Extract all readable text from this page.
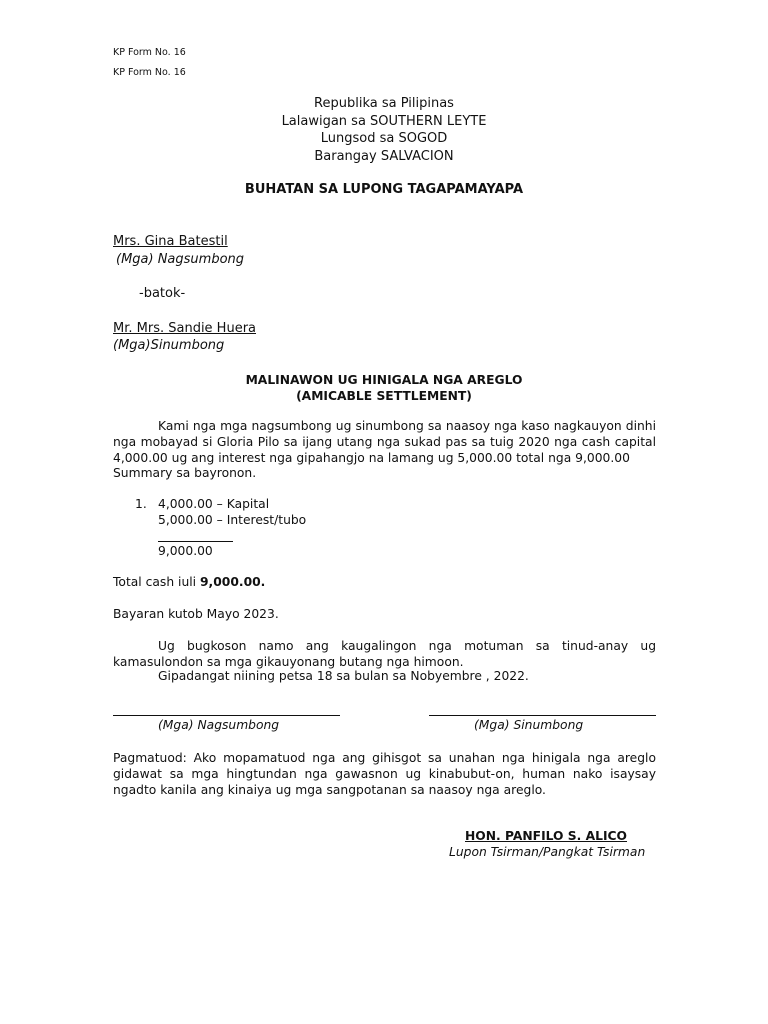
KP Form No. 16
KP Form No. 16
Republika sa Pilipinas
Lalawigan sa SOUTHERN LEYTE
Lungsod sa SOGOD
Barangay SALVACION
BUHATAN SA LUPONG TAGAPAMAYAPA
Mrs. Gina Batestil
(Mga) Nagsumbong
-batok-
Mr. Mrs. Sandie Huera
(Mga)Sinumbong
MALINAWON UG HINIGALA NGA AREGLO
(AMICABLE SETTLEMENT)
Kami nga mga nagsumbong ug sinumbong sa naasoy nga kaso nagkauyon dinhi nga mobayad si Gloria Pilo sa ijang utang nga sukad pas sa tuig 2020 nga cash capital 4,000.00 ug ang interest nga gipahangjo na lamang ug 5,000.00 total nga 9,000.00
Summary sa bayronon.
1. 4,000.00 – Kapital
5,000.00 – Interest/tubo
9,000.00
Total cash iuli 9,000.00.
Bayaran kutob Mayo 2023.
Ug bugkoson namo ang kaugalingon nga motuman sa tinud-anay ug kamasulondon sa mga gikauyonang butang nga himoon.
Gipadangat niining petsa 18 sa bulan sa Nobyembre , 2022.
(Mga) Nagsumbong	(Mga) Sinumbong
Pagmatuod: Ako mopamatuod nga ang gihisgot sa unahan nga hinigala nga areglo gidawat sa mga hingtundan nga gawasnon ug kinabubut-on, human nako isaysay ngadto kanila ang kinaiya ug mga sangpotanan sa naasoy nga areglo.
HON. PANFILO S. ALICO
Lupon Tsirman/Pangkat Tsirman
